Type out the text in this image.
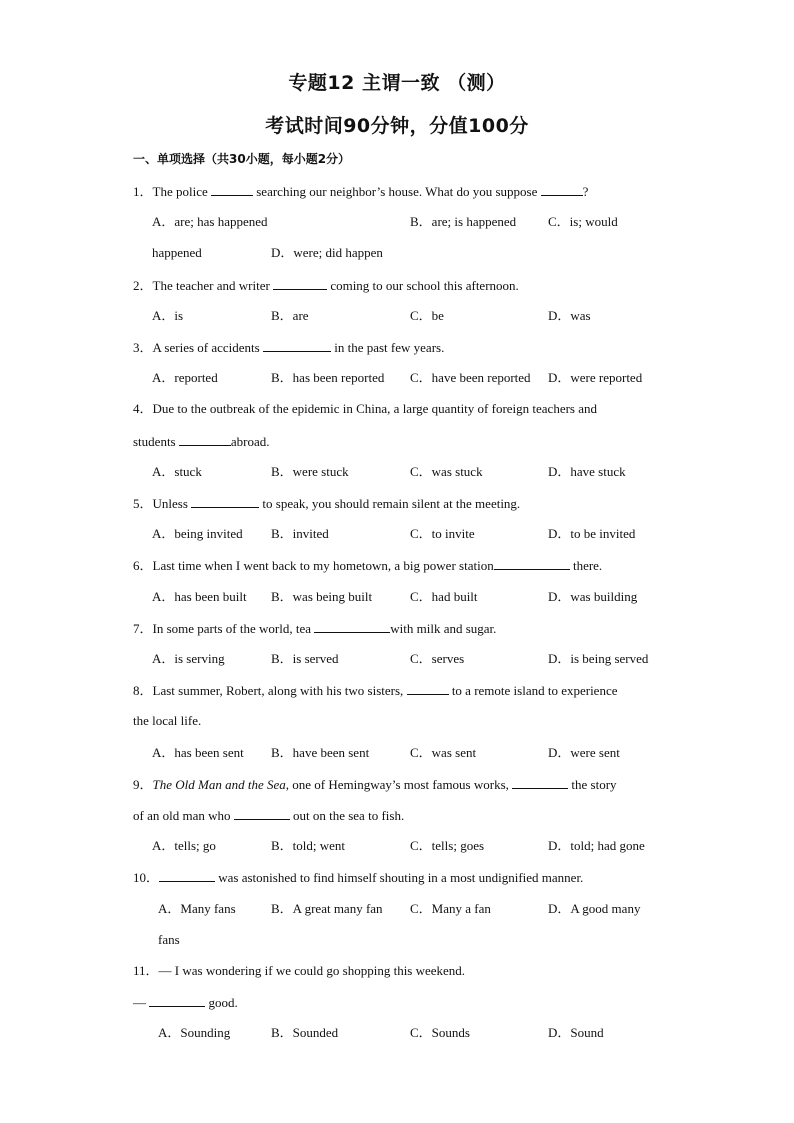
专题12 主谓一致 （测）
考试时间90分钟，分值100分
一、单项选择（共30小题，每小题2分）
1．The police	searching our neighbor’s house. What do you suppose	?
A．are; has happened	B．are; is happened C．is; would
happened	D．were; did happen
2．The teacher and writer	coming to our school this afternoon.
A．is	B．are	C．be	D．was
3．A series of accidents	in the past few years.
A．reported	B．has been reported C．have been reported D．were reported
4．Due to the outbreak of the epidemic in China, a large quantity of foreign teachers and
students	abroad.
A．stuck	B．were stuck	C．was stuck	D．have stuck
5．Unless	to speak, you should remain silent at the meeting.
A．being invited B．invited	C．to invite	D．to be invited
6．Last time when I went back to my hometown, a big power station	there.
A．has been built B．was being built	C．had built	D．was building
7．In some parts of the world, tea	with milk and sugar.
A．is serving	B．is served	C．serves	D．is being served
8．Last summer, Robert, along with his two sisters,	to a remote island to experience
the local life.
A．has been sent B．have been sent	C．was sent	D．were sent
9．The Old Man and the Sea, one of Hemingway’s most famous works,	the story
of an old man who	out on the sea to fish.
A．tells; go	B．told; went	C．tells; goes	D．told; had gone
10．	was astonished to find himself shouting in a most undignified manner.
A．Many fans	B．A great many fan C．Many a fan	D．A good many
fans
11．— I was wondering if we could go shopping this weekend.
—	good.
A．Sounding	B．Sounded	C．Sounds	D．Sound
